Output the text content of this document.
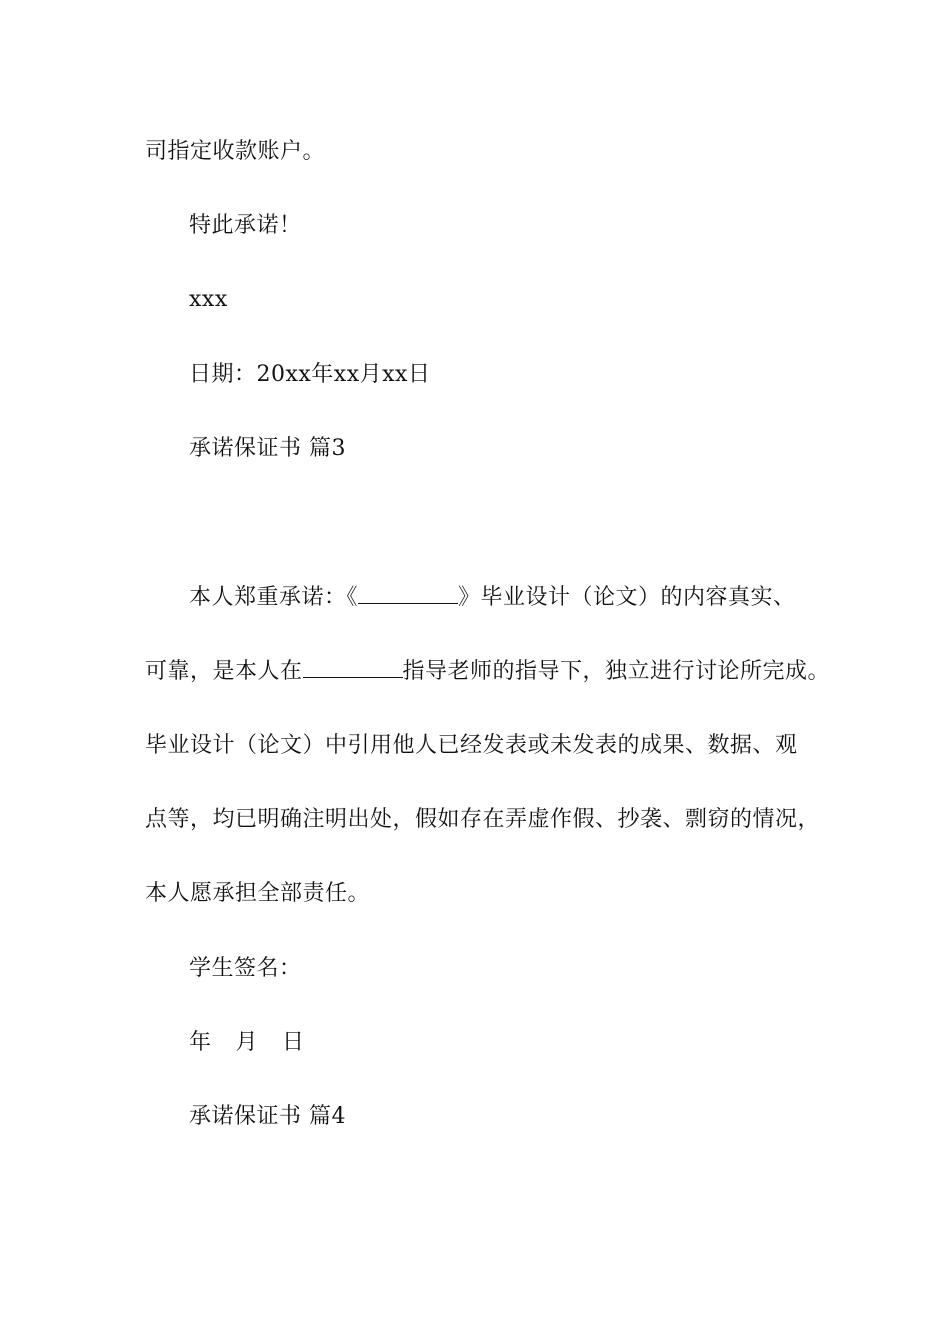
司指定收款账户。
特此承诺！
xxx
日期：20xx年xx月xx日
承诺保证书 篇3
本人郑重承诺：《	》毕业设计（论文）的内容真实、
可靠，是本人在	指导老师的指导下，独立进行讨论所完成。
毕业设计（论文）中引用他人已经发表或未发表的成果、数据、观
点等，均已明确注明出处，假如存在弄虚作假、抄袭、剽窃的情况，
本人愿承担全部责任。
学生签名：
年 月 日
承诺保证书 篇4
